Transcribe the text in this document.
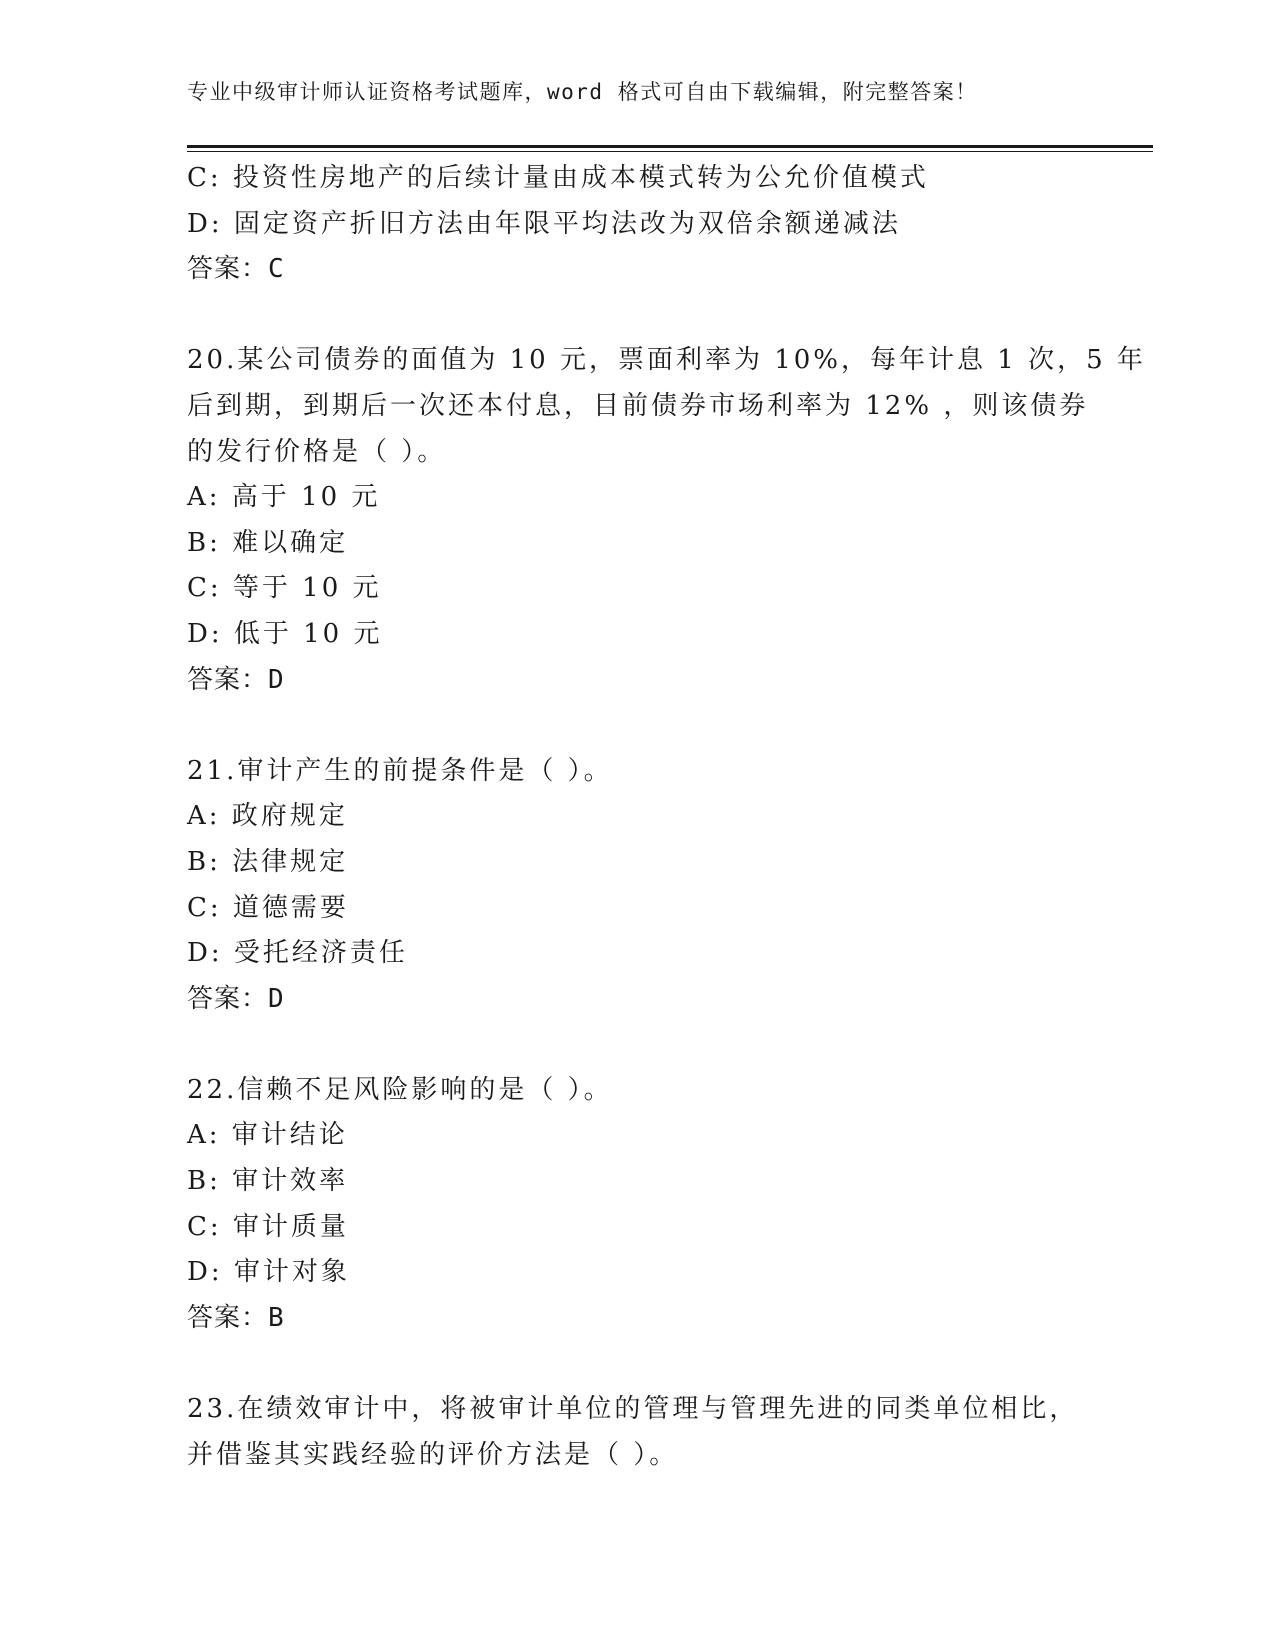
专业中级审计师认证资格考试题库，word 格式可自由下载编辑，附完整答案！
C: 投资性房地产的后续计量由成本模式转为公允价值模式
D: 固定资产折旧方法由年限平均法改为双倍余额递减法
答案：C
20.某公司债券的面值为 10 元，票面利率为 10%，每年计息 1 次，5 年
后到期，到期后一次还本付息，目前债券市场利率为 12% ，则该债券
的发行价格是（ ）。
A: 高于 10 元
B: 难以确定
C: 等于 10 元
D: 低于 10 元
答案：D
21.审计产生的前提条件是（ ）。
A: 政府规定
B: 法律规定
C: 道德需要
D: 受托经济责任
答案：D
22.信赖不足风险影响的是（ ）。
A: 审计结论
B: 审计效率
C: 审计质量
D: 审计对象
答案：B
23.在绩效审计中，将被审计单位的管理与管理先进的同类单位相比，
并借鉴其实践经验的评价方法是（ ）。
